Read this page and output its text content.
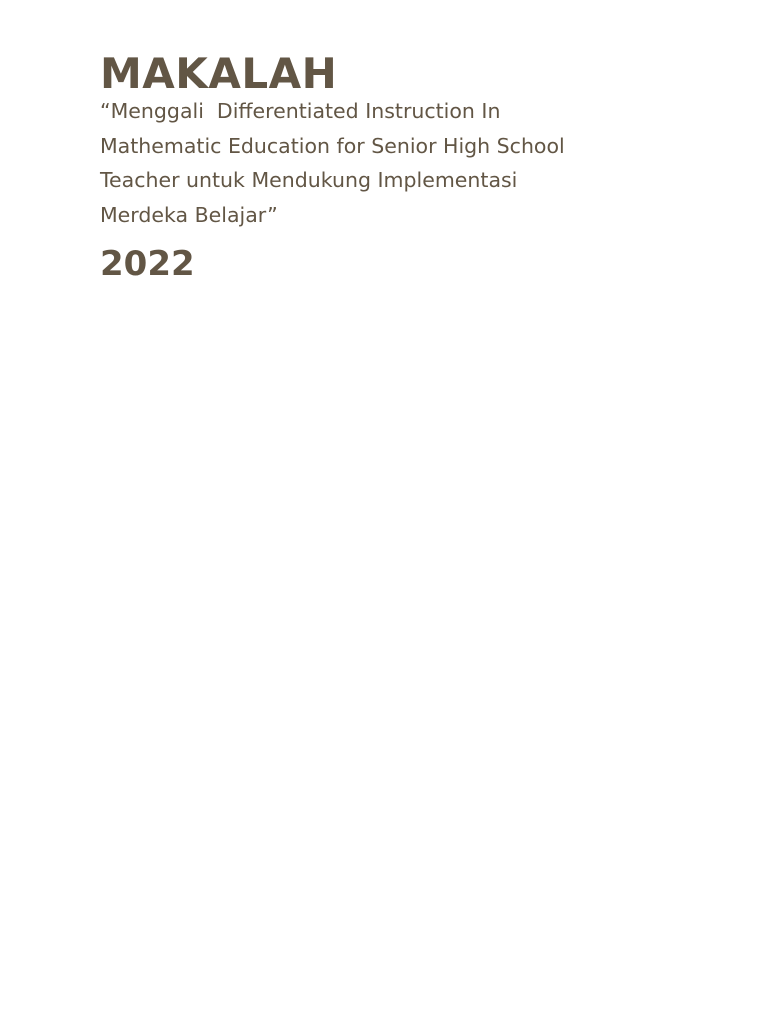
MAKALAH

“Menggali  Differentiated Instruction In
Mathematic Education for Senior High School
Teacher untuk Mendukung Implementasi
Merdeka Belajar”

2022
